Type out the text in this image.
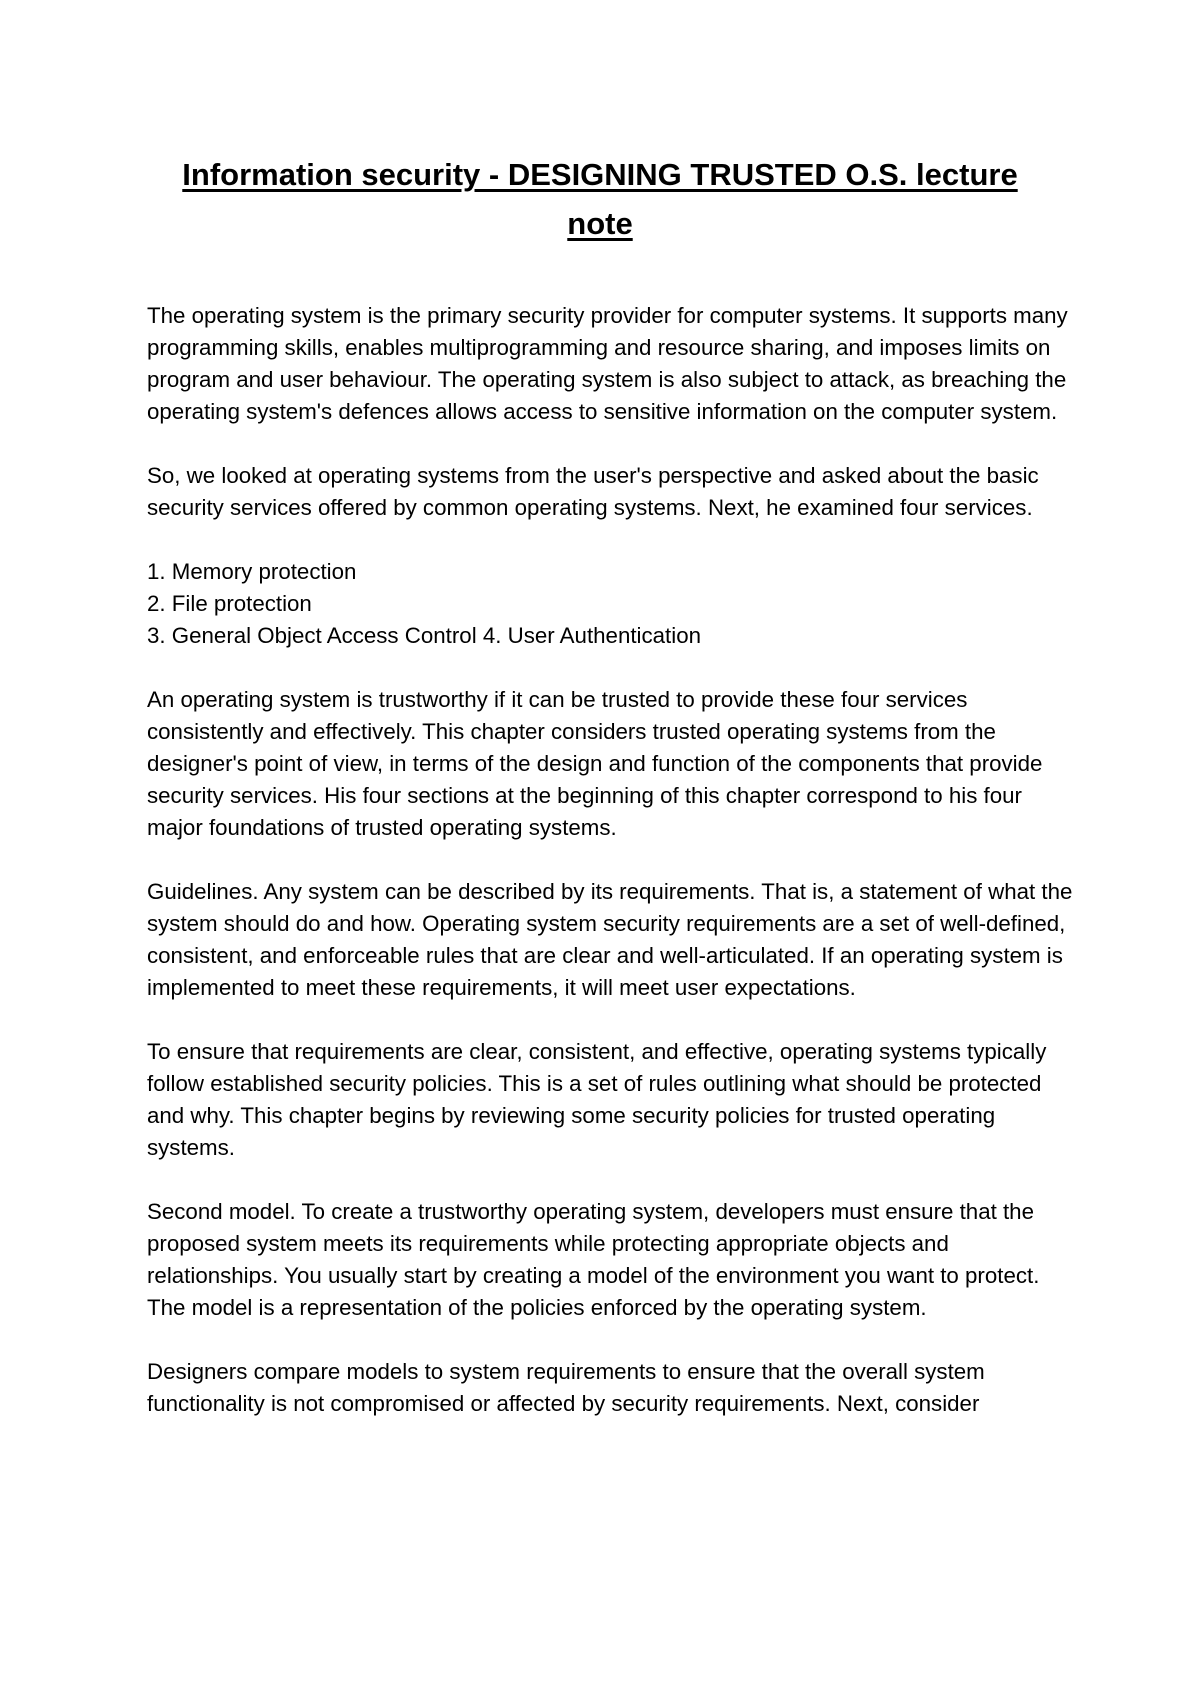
Information security - DESIGNING TRUSTED O.S. lecture note

The operating system is the primary security provider for computer systems. It supports many programming skills, enables multiprogramming and resource sharing, and imposes limits on program and user behaviour. The operating system is also subject to attack, as breaching the operating system's defences allows access to sensitive information on the computer system.

So, we looked at operating systems from the user's perspective and asked about the basic security services offered by common operating systems. Next, he examined four services.

1. Memory protection
2. File protection
3. General Object Access Control 4. User Authentication

An operating system is trustworthy if it can be trusted to provide these four services consistently and effectively. This chapter considers trusted operating systems from the designer's point of view, in terms of the design and function of the components that provide security services. His four sections at the beginning of this chapter correspond to his four major foundations of trusted operating systems.

Guidelines. Any system can be described by its requirements. That is, a statement of what the system should do and how. Operating system security requirements are a set of well-defined, consistent, and enforceable rules that are clear and well-articulated. If an operating system is implemented to meet these requirements, it will meet user expectations.

To ensure that requirements are clear, consistent, and effective, operating systems typically follow established security policies. This is a set of rules outlining what should be protected and why. This chapter begins by reviewing some security policies for trusted operating systems.

Second model. To create a trustworthy operating system, developers must ensure that the proposed system meets its requirements while protecting appropriate objects and relationships. You usually start by creating a model of the environment you want to protect. The model is a representation of the policies enforced by the operating system.

Designers compare models to system requirements to ensure that the overall system functionality is not compromised or affected by security requirements. Next, consider
